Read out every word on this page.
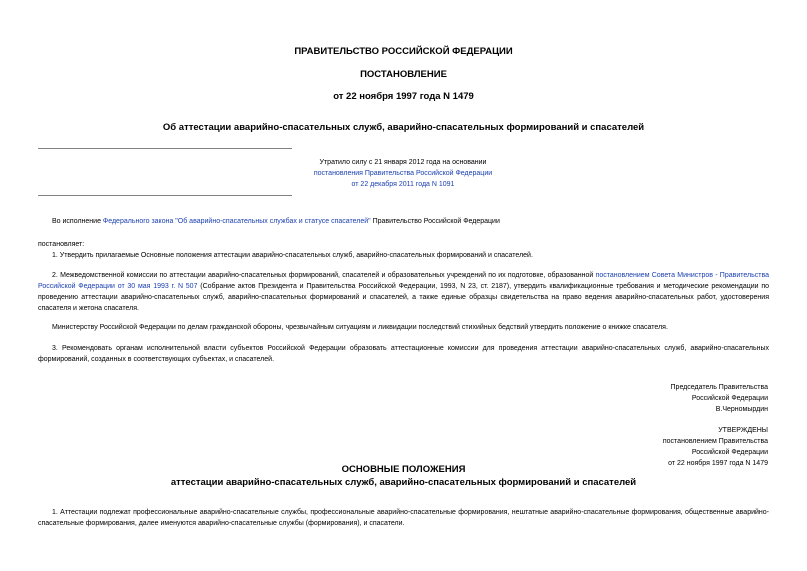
ПРАВИТЕЛЬСТВО РОССИЙСКОЙ ФЕДЕРАЦИИ
ПОСТАНОВЛЕНИЕ
от 22 ноября 1997 года N 1479
Об аттестации аварийно-спасательных служб, аварийно-спасательных формирований и спасателей
Утратило силу с 21 января 2012 года на основании
постановления Правительства Российской Федерации
от 22 декабря 2011 года N 1091
Во исполнение Федерального закона "Об аварийно-спасательных службах и статусе спасателей" Правительство Российской Федерации
постановляет:
1. Утвердить прилагаемые Основные положения аттестации аварийно-спасательных служб, аварийно-спасательных формирований и спасателей.
2. Межведомственной комиссии по аттестации аварийно-спасательных формирований, спасателей и образовательных учреждений по их подготовке, образованной постановлением Совета Министров - Правительства Российской Федерации от 30 мая 1993 г. N 507 (Собрание актов Президента и Правительства Российской Федерации, 1993, N 23, ст. 2187), утвердить квалификационные требования и методические рекомендации по проведению аттестации аварийно-спасательных служб, аварийно-спасательных формирований и спасателей, а также единые образцы свидетельства на право ведения аварийно-спасательных работ, удостоверения спасателя и жетона спасателя.
Министерству Российской Федерации по делам гражданской обороны, чрезвычайным ситуациям и ликвидации последствий стихийных бедствий утвердить положение о книжке спасателя.
3. Рекомендовать органам исполнительной власти субъектов Российской Федерации образовать аттестационные комиссии для проведения аттестации аварийно-спасательных служб, аварийно-спасательных формирований, созданных в соответствующих субъектах, и спасателей.
Председатель Правительства
Российской Федерации
В.Черномырдин
УТВЕРЖДЕНЫ
постановлением Правительства
Российской Федерации
от 22 ноября 1997 года N 1479
ОСНОВНЫЕ ПОЛОЖЕНИЯ
аттестации аварийно-спасательных служб, аварийно-спасательных формирований и спасателей
1. Аттестации подлежат профессиональные аварийно-спасательные службы, профессиональные аварийно-спасательные формирования, нештатные аварийно-спасательные формирования, общественные аварийно-спасательные формирования, далее именуются аварийно-спасательные службы (формирования), и спасатели.
